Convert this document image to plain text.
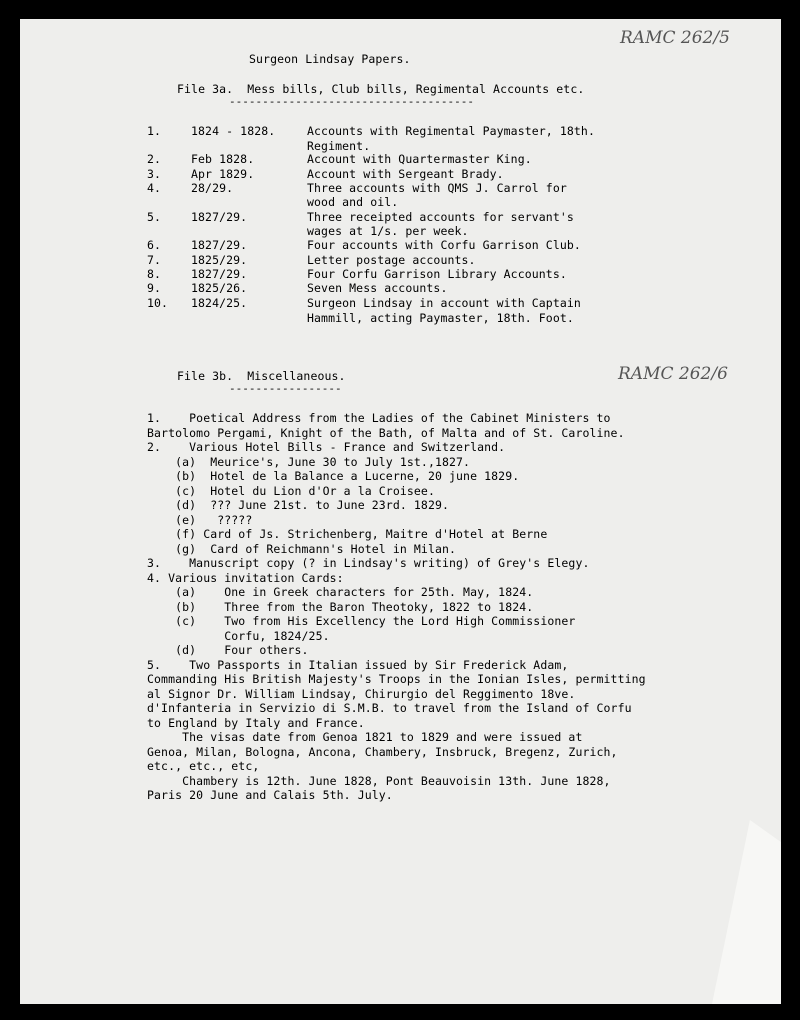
RAMC 262/5
RAMC 262/6
Surgeon Lindsay Papers.
File 3a.  Mess bills, Club bills, Regimental Accounts etc.
-------------------------------------
1.	1824 - 1828.	Accounts with Regimental Paymaster, 18th.
Regiment.
2.	Feb 1828.	Account with Quartermaster King.
3.	Apr 1829.	Account with Sergeant Brady.
4.	28/29.	Three accounts with QMS J. Carrol for
wood and oil.
5.	1827/29.	Three receipted accounts for servant's
wages at 1/s. per week.
6.	1827/29.	Four accounts with Corfu Garrison Club.
7.	1825/29.	Letter postage accounts.
8.	1827/29.	Four Corfu Garrison Library Accounts.
9.	1825/26.	Seven Mess accounts.
10. 1824/25.	Surgeon Lindsay in account with Captain
Hammill, acting Paymaster, 18th. Foot.
File 3b.  Miscellaneous.
-----------------
1.    Poetical Address from the Ladies of the Cabinet Ministers to
Bartolomo Pergami, Knight of the Bath, of Malta and of St. Caroline.
2.    Various Hotel Bills - France and Switzerland.
(a)  Meurice's, June 30 to July 1st.,1827.
(b)  Hotel de la Balance a Lucerne, 20 june 1829.
(c)  Hotel du Lion d'Or a la Croisee.
(d)  ??? June 21st. to June 23rd. 1829.
(e)   ?????
(f) Card of Js. Strichenberg, Maitre d'Hotel at Berne
(g)  Card of Reichmann's Hotel in Milan.
3.    Manuscript copy (? in Lindsay's writing) of Grey's Elegy.
4. Various invitation Cards:
(a)    One in Greek characters for 25th. May, 1824.
(b)    Three from the Baron Theotoky, 1822 to 1824.
(c)    Two from His Excellency the Lord High Commissioner
Corfu, 1824/25.
(d)    Four others.
5.    Two Passports in Italian issued by Sir Frederick Adam,
Commanding His British Majesty's Troops in the Ionian Isles, permitting
al Signor Dr. William Lindsay, Chirurgio del Reggimento 18ve.
d'Infanteria in Servizio di S.M.B. to travel from the Island of Corfu
to England by Italy and France.
The visas date from Genoa 1821 to 1829 and were issued at
Genoa, Milan, Bologna, Ancona, Chambery, Insbruck, Bregenz, Zurich,
etc., etc., etc,
Chambery is 12th. June 1828, Pont Beauvoisin 13th. June 1828,
Paris 20 June and Calais 5th. July.
